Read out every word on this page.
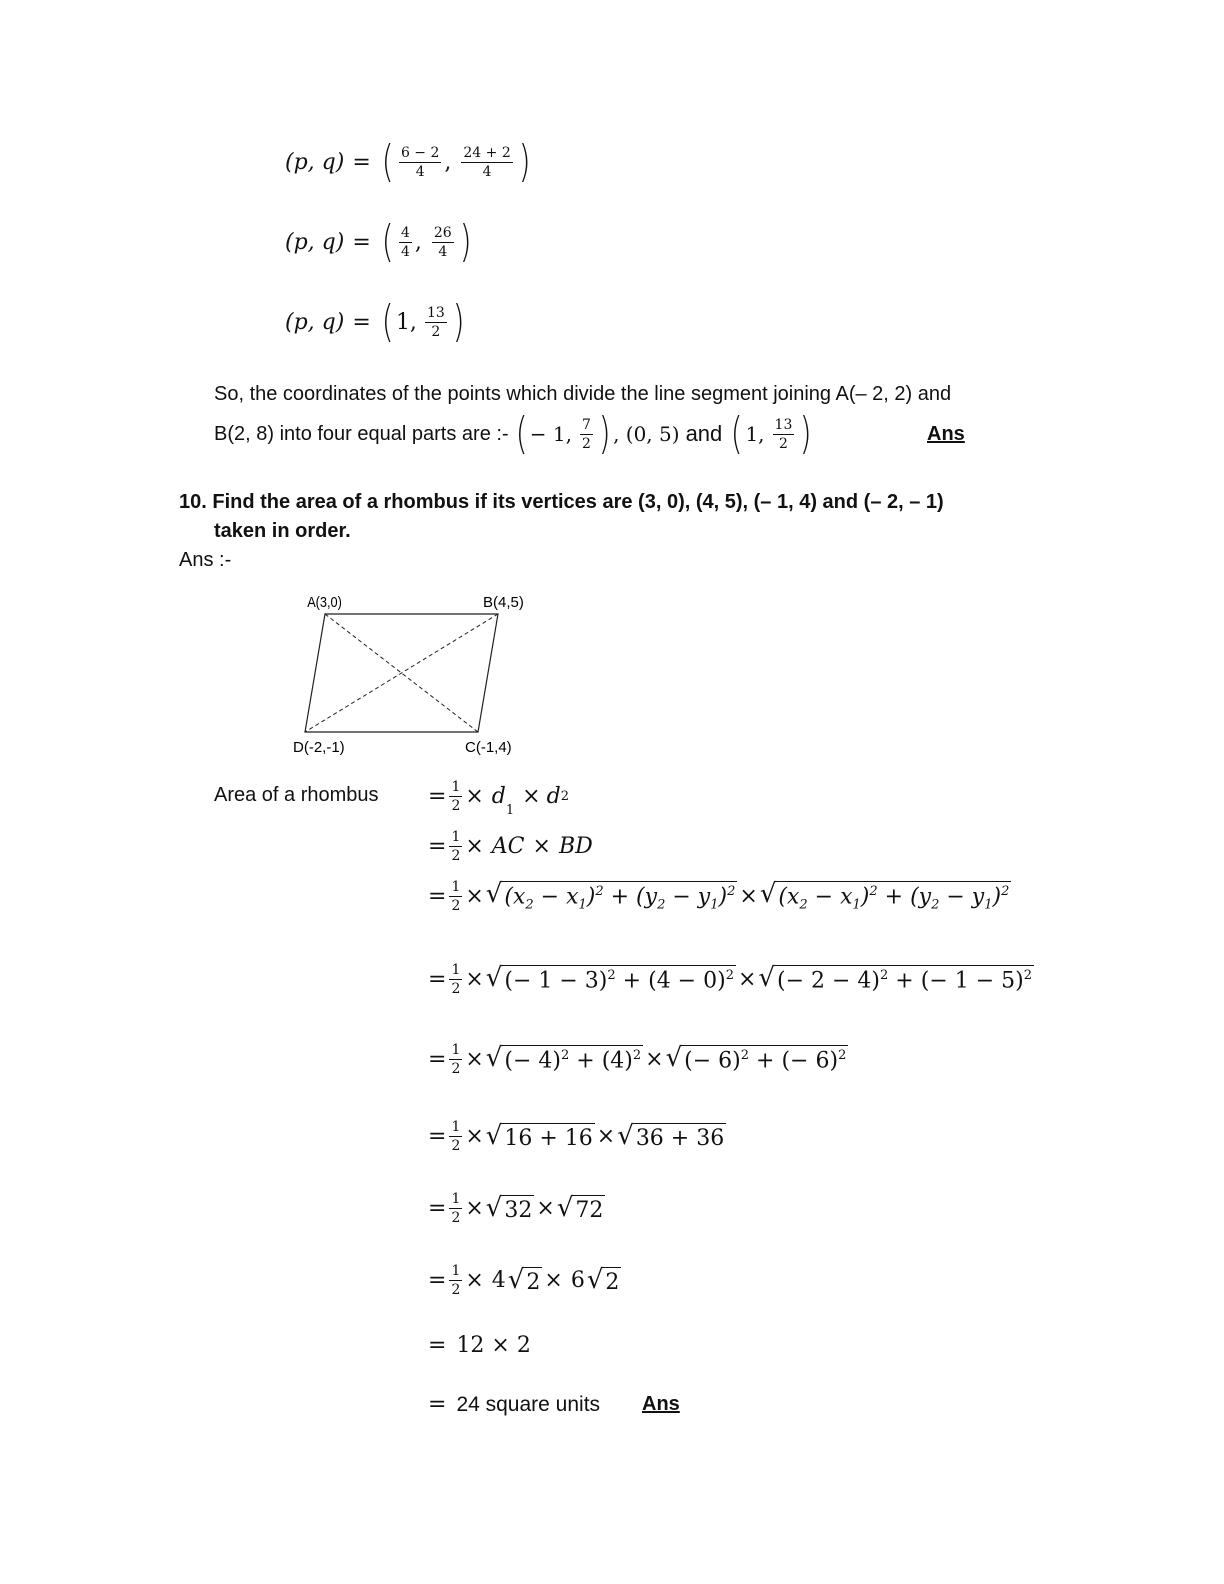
(p, q) = ( $\frac{6 - 2}{4}$ , $\frac{24 + 2}{4}$ )
(p, q) = ( $\frac{4}{4}$ , $\frac{26}{4}$ )
(p, q) = ( 1, $\frac{13}{2}$ )
So, the coordinates of the points which divide the line segment joining A(– 2, 2) and
B(2, 8) into four equal parts are :- ( − 1, $\frac{7}{2}$ ) , (0, 5) and ( 1, $\frac{13}{2}$ )	Ans
10. Find the area of a rhombus if its vertices are (3, 0), (4, 5), (– 1, 4) and (– 2, – 1)
taken in order.
Ans :-
A(3,0)	B(4,5)
C(-1,4)
D(-2,-1)
Area of a rhombus = $\frac{1}{2} \times d$
$_1$
× d 2
= $\frac{1}{2}$ × AC × BD
= $\frac{1}{2}$ × √ $(x_2 - x_1)^2 + (y_2 - y_1)^2$ × √ $(x_2 - x_1)^2 + (y_2 - y_1)^2$
= $\frac{1}{2}$ × √ (− $1 - 3)^2 + (4 - 0)^2$ × √ (− 2 − 4)$^2$ + (− 1 − 5)$^2$
= $\frac{1}{2}$ × √ (− $4)^2 + (4)^2$ × √ (− 6)$^2$ + (− 6)$^2$
= $\frac{1}{2}$ × √ 16 + 16 × √ 36 + 36
= $\frac{1}{2}$ × √ 32 × √ 72
= $\frac{1}{2} \times 4$ √ 2 × 6 √ 2
= 12 × 2
= 24 square units Ans
